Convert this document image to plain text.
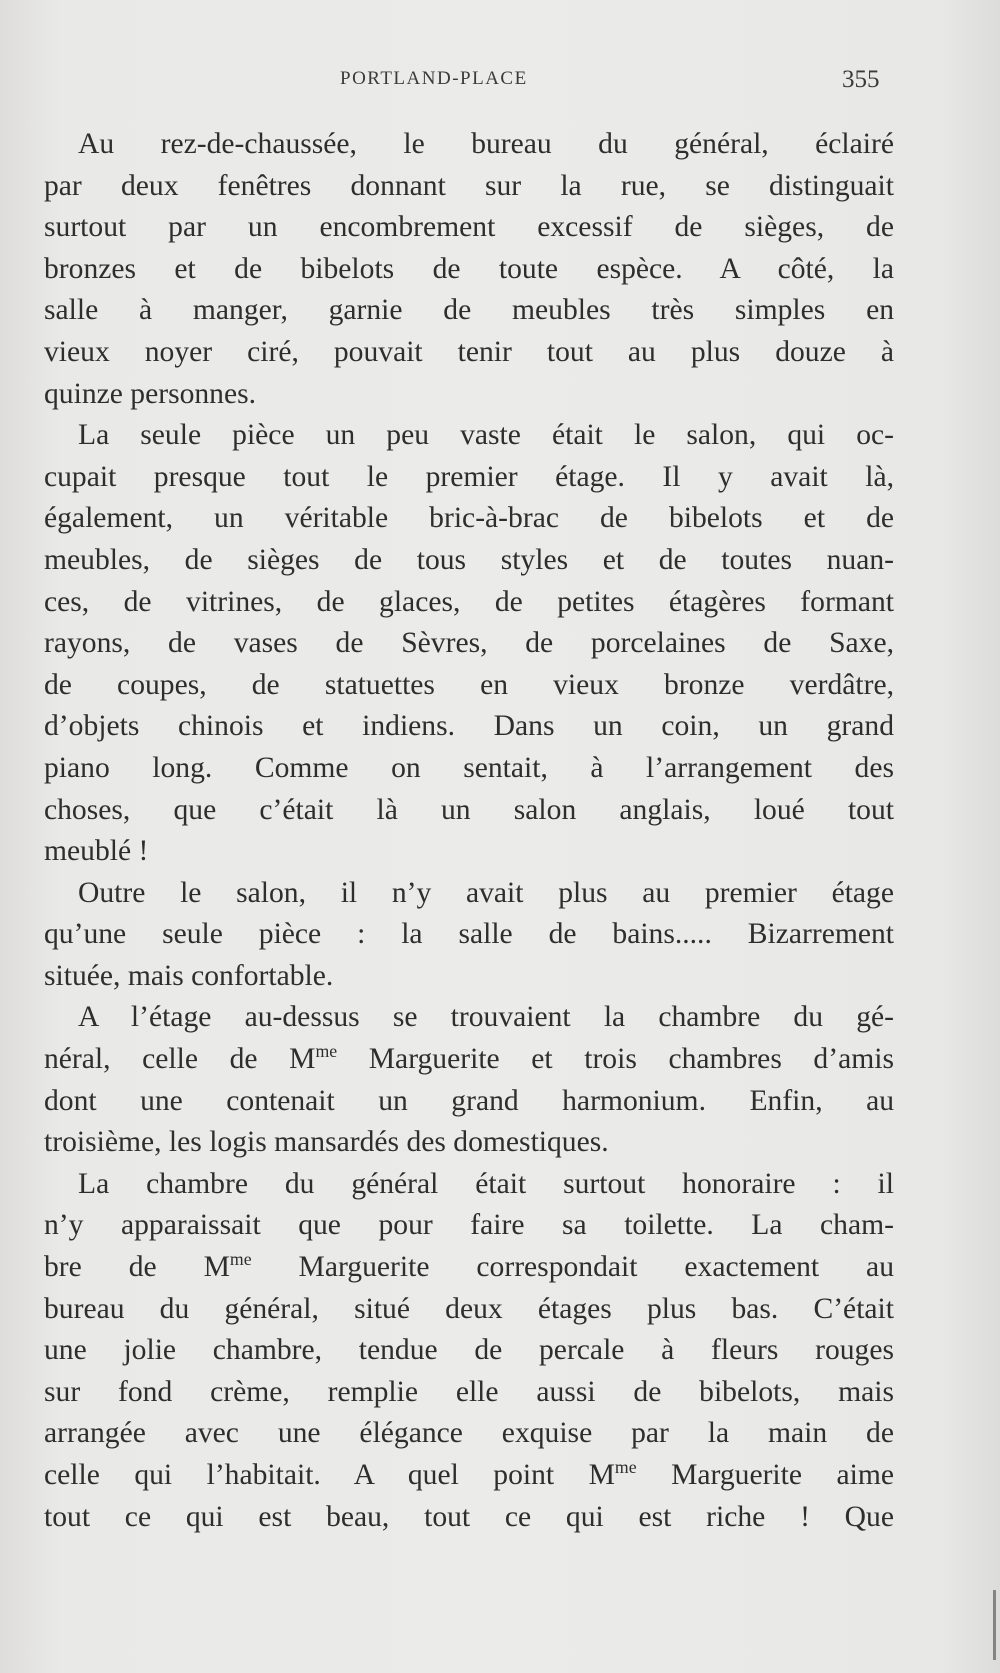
PORTLAND-PLACE	355
Au rez-de-chaussée, le bureau du général, éclairé
par deux fenêtres donnant sur la rue, se distinguait
surtout par un encombrement excessif de sièges, de
bronzes et de bibelots de toute espèce. A côté, la
salle à manger, garnie de meubles très simples en
vieux noyer ciré, pouvait tenir tout au plus douze à
quinze personnes.
La seule pièce un peu vaste était le salon, qui oc-
cupait presque tout le premier étage. Il y avait là,
également, un véritable bric-à-brac de bibelots et de
meubles, de sièges de tous styles et de toutes nuan-
ces, de vitrines, de glaces, de petites étagères formant
rayons, de vases de Sèvres, de porcelaines de Saxe,
de coupes, de statuettes en vieux bronze verdâtre,
d’objets chinois et indiens. Dans un coin, un grand
piano long. Comme on sentait, à l’arrangement des
choses, que c’était là un salon anglais, loué tout
meublé !
Outre le salon, il n’y avait plus au premier étage
qu’une seule pièce : la salle de bains..... Bizarrement
située, mais confortable.
A l’étage au-dessus se trouvaient la chambre du gé-
néral, celle de $M^{me}$ Marguerite et trois chambres d’amis
dont une contenait un grand harmonium. Enfin, au
troisième, les logis mansardés des domestiques.
La chambre du général était surtout honoraire : il
n’y apparaissait que pour faire sa toilette. La cham-
bre de $M^{me}$ Marguerite correspondait exactement au
bureau du général, situé deux étages plus bas. C’était
une jolie chambre, tendue de percale à fleurs rouges
sur fond crème, remplie elle aussi de bibelots, mais
arrangée avec une élégance exquise par la main de
celle qui l’habitait. A quel point $M^{me}$ Marguerite aime
tout ce qui est beau, tout ce qui est riche ! Que
